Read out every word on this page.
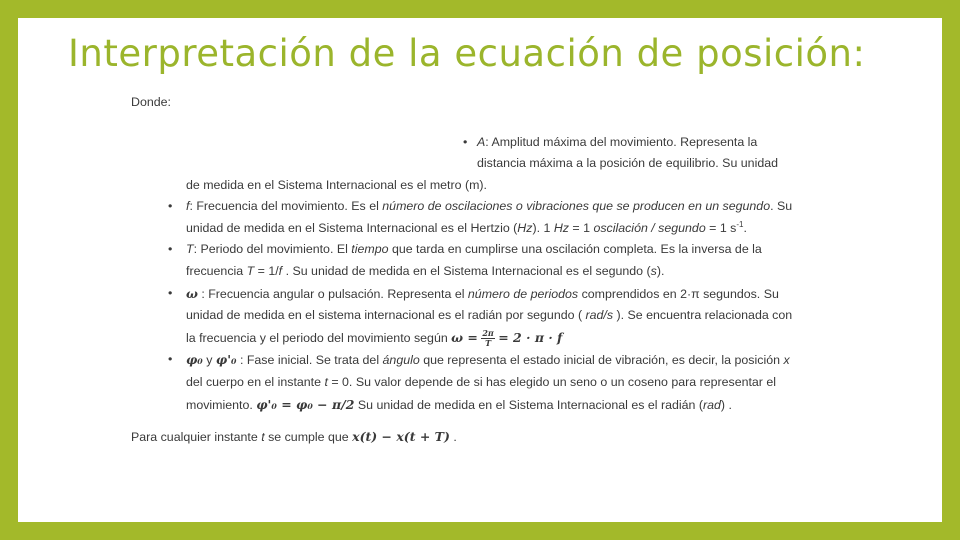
Interpretación de la ecuación de posición:
Donde:
• A: Amplitud máxima del movimiento. Representa la distancia máxima a la posición de equilibrio. Su unidad
de medida en el Sistema Internacional es el metro (m).
• f: Frecuencia del movimiento. Es el número de oscilaciones o vibraciones que se producen en un segundo. Su unidad de medida en el Sistema Internacional es el Hertzio (Hz). 1 Hz = 1 oscilación / segundo = 1 $s^{-1}$.
• T: Periodo del movimiento. El tiempo que tarda en cumplirse una oscilación completa. Es la inversa de la frecuencia T = 1/f . Su unidad de medida en el Sistema Internacional es el segundo (s).
• ω : Frecuencia angular o pulsación. Representa el número de periodos comprendidos en 2·π segundos. Su unidad de medida en el sistema internacional es el radián por segundo ( rad/s ). Se encuentra relacionada con la frecuencia y el periodo del movimiento según $\omega = \frac{2\pi}{T} = 2 \cdot \pi \cdot f$
• φ₀ y φ'₀ : Fase inicial. Se trata del ángulo que representa el estado inicial de vibración, es decir, la posición x del cuerpo en el instante t = 0. Su valor depende de si has elegido un seno o un coseno para representar el movimiento. φ'₀ = φ₀ − π/2 Su unidad de medida en el Sistema Internacional es el radián (rad) .
Para cualquier instante t se cumple que x(t) − x(t + T) .
